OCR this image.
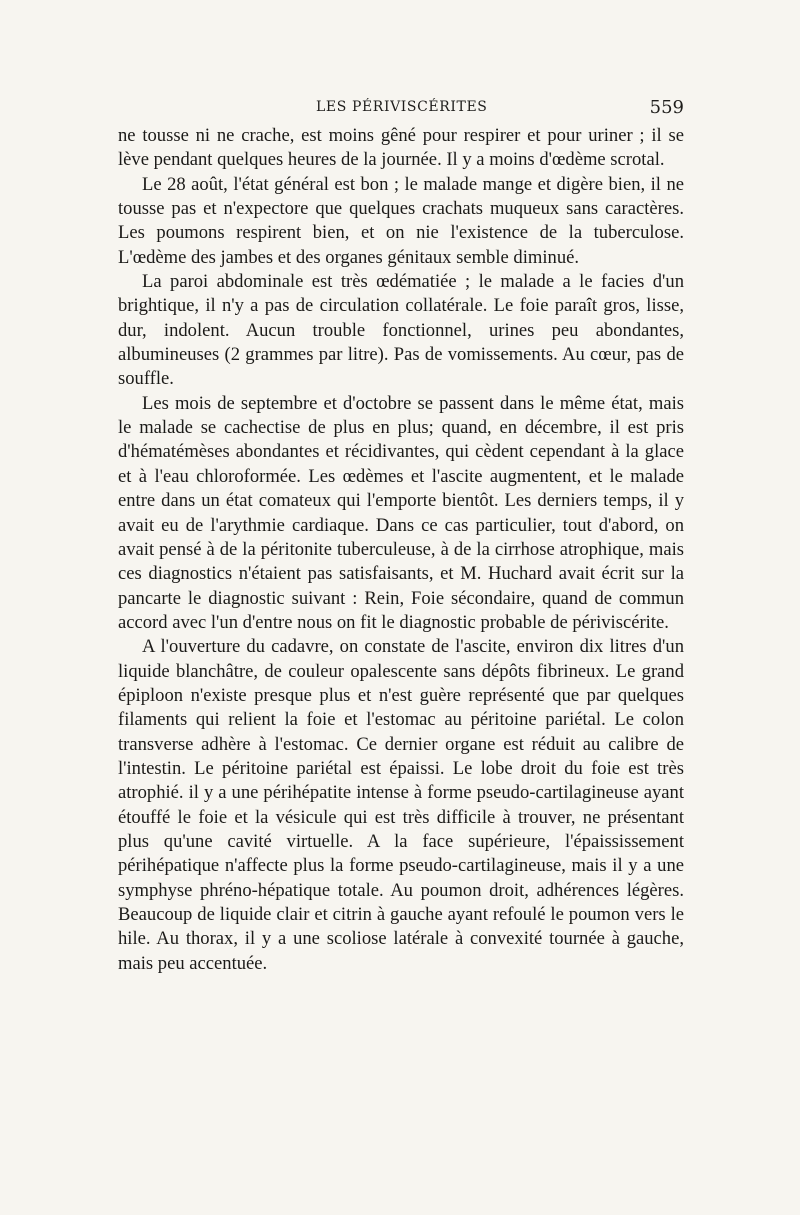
LES PÉRIVISCÉRITES	559

ne tousse ni ne crache, est moins gêné pour respirer et pour uriner ; il se lève pendant quelques heures de la journée. Il y a moins d'œdème scrotal.

Le 28 août, l'état général est bon ; le malade mange et digère bien, il ne tousse pas et n'expectore que quelques crachats muqueux sans caractères. Les poumons respirent bien, et on nie l'existence de la tuberculose. L'œdème des jambes et des organes génitaux semble diminué.

La paroi abdominale est très œdématiée ; le malade a le facies d'un brightique, il n'y a pas de circulation collatérale. Le foie paraît gros, lisse, dur, indolent. Aucun trouble fonctionnel, urines peu abondantes, albumineuses (2 grammes par litre). Pas de vomissements. Au cœur, pas de souffle.

Les mois de septembre et d'octobre se passent dans le même état, mais le malade se cachectise de plus en plus; quand, en décembre, il est pris d'hématémèses abondantes et récidivantes, qui cèdent cependant à la glace et à l'eau chloroformée. Les œdèmes et l'ascite augmentent, et le malade entre dans un état comateux qui l'emporte bientôt. Les derniers temps, il y avait eu de l'arythmie cardiaque. Dans ce cas particulier, tout d'abord, on avait pensé à de la péritonite tuberculeuse, à de la cirrhose atrophique, mais ces diagnostics n'étaient pas satisfaisants, et M. Huchard avait écrit sur la pancarte le diagnostic suivant : Rein, Foie sécondaire, quand de commun accord avec l'un d'entre nous on fit le diagnostic probable de périviscérite.

A l'ouverture du cadavre, on constate de l'ascite, environ dix litres d'un liquide blanchâtre, de couleur opalescente sans dépôts fibrineux. Le grand épiploon n'existe presque plus et n'est guère représenté que par quelques filaments qui relient la foie et l'estomac au péritoine pariétal. Le colon transverse adhère à l'estomac. Ce dernier organe est réduit au calibre de l'intestin. Le péritoine pariétal est épaissi. Le lobe droit du foie est très atrophié. il y a une périhépatite intense à forme pseudo-cartilagineuse ayant étouffé le foie et la vésicule qui est très difficile à trouver, ne présentant plus qu'une cavité virtuelle. A la face supérieure, l'épaississement périhépatique n'affecte plus la forme pseudo-cartilagineuse, mais il y a une symphyse phréno-hépatique totale. Au poumon droit, adhérences légères. Beaucoup de liquide clair et citrin à gauche ayant refoulé le poumon vers le hile. Au thorax, il y a une scoliose latérale à convexité tournée à gauche, mais peu accentuée.
